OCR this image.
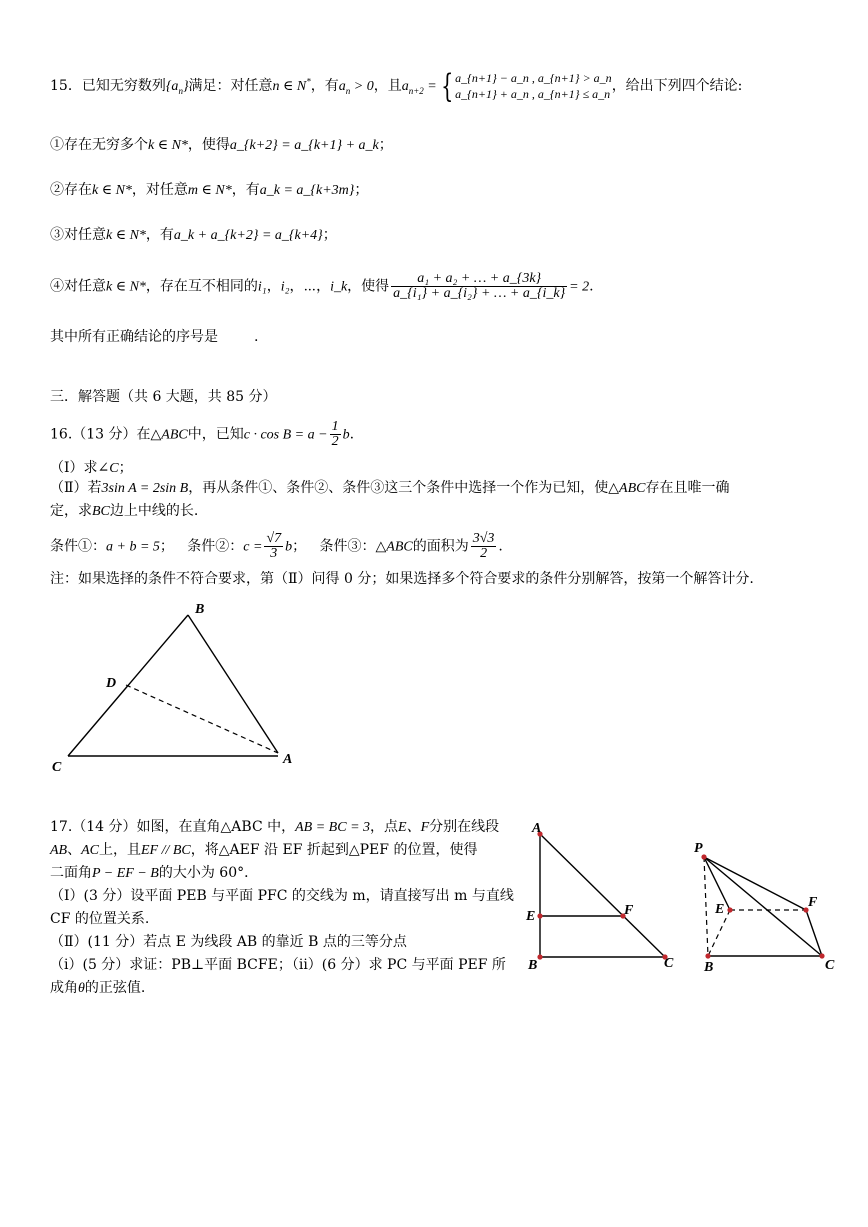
15．已知无穷数列$\{a_n\}$满足：对任意n ∈ N*，有$a_n > 0$，且$a_{n+2}$ = { a_{n+1} − a_n , a_{n+1} > a_n
a_{n+1} + a_n , a_{n+1} ≤ a_n ，给出下列四个结论:
①存在无穷多个k ∈ N*，使得a_{k+2} = a_{k+1} + a_k；
②存在k ∈ N*，对任意m ∈ N*，有a_k = a_{k+3m}；
③对任意k ∈ N*，有a_k + a_{k+2} = a_{k+4}；
④对任意k ∈ N*，存在互不相同的i₁，i₂，⋯，i_k，使得 $\frac{\text{a₁ + a₂ + … + a\_\{3k\}}}{\text{a\_\{i₁\} + a\_\{i₂\} + … + a\_\{i\_k\}}} = 2$.
其中所有正确结论的序号是	.
三．解答题（共 6 大题，共 85 分）
16.（13 分）在△ABC中，已知$c \cdot \cos B = a - \frac{1}{2} b$.
（Ⅰ）求∠C；
（Ⅱ）若3sin A = 2sin B，再从条件①、条件②、条件③这三个条件中选择一个作为已知，使△ABC存在且唯一确
定，求BC边上中线的长.
条件①：a + b = 5； 条件②：$c = \frac{√7}{3}$ b； 条件③：△ABC的面积为 $\frac{3√3}{2}$ .
注：如果选择的条件不符合要求，第（Ⅱ）问得 0 分；如果选择多个符合要求的条件分别解答，按第一个解答计分.
B
D
C
A
17.（14 分）如图，在直角△ABC 中，AB = BC = 3，点E、F分别在线段
AB、AC上，且EF // BC，将△AEF 沿 EF 折起到△PEF 的位置，使得
二面角P − EF − B的大小为 60°．
（Ⅰ）(3 分）设平面 PEB 与平面 PFC 的交线为 m，请直接写出 m 与直线
CF 的位置关系.
（Ⅱ）(11 分）若点 E 为线段 AB 的靠近 B 点的三等分点
（ⅰ）(5 分）求证：PB⊥平面 BCFE；（ⅱ）(6 分）求 PC 与平面 PEF 所
成角θ的正弦值.
A
E	F
B	C
P
E	F
B	C
